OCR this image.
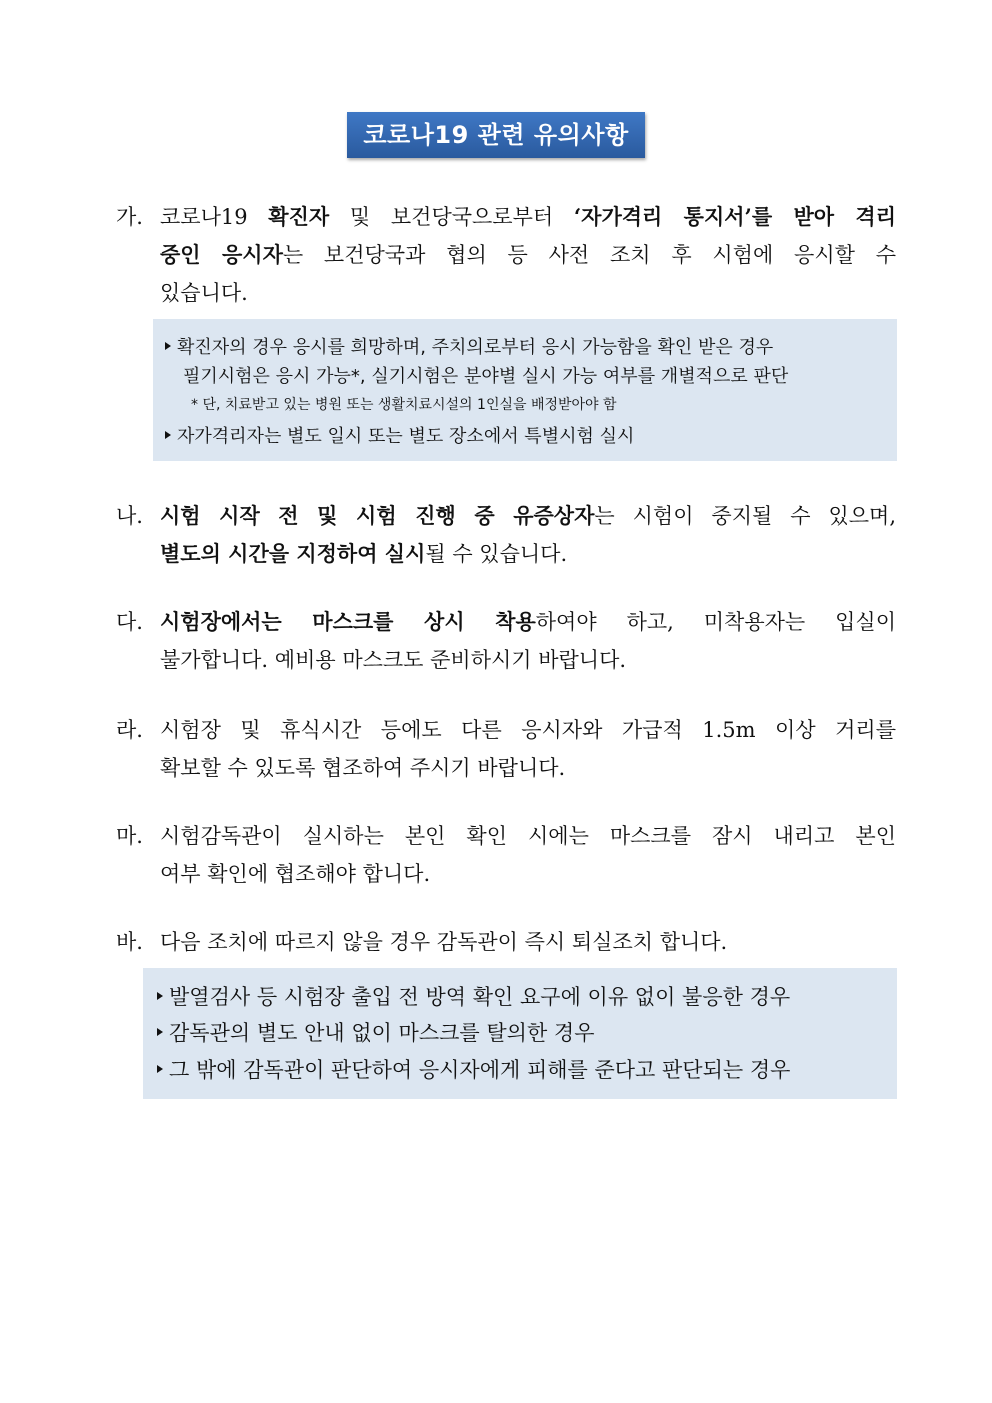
코로나19 관련 유의사항
가. 코로나19 확진자 및 보건당국으로부터 ‘자가격리 통지서’를 받아 격리
중인 응시자는 보건당국과 협의 등 사전 조치 후 시험에 응시할 수
있습니다.
확진자의 경우 응시를 희망하며, 주치의로부터 응시 가능함을 확인 받은 경우
필기시험은 응시 가능*, 실기시험은 분야별 실시 가능 여부를 개별적으로 판단
* 단, 치료받고 있는 병원 또는 생활치료시설의 1인실을 배정받아야 함
자가격리자는 별도 일시 또는 별도 장소에서 특별시험 실시
나. 시험 시작 전 및 시험 진행 중 유증상자는 시험이 중지될 수 있으며,
별도의 시간을 지정하여 실시될 수 있습니다.
다. 시험장에서는 마스크를 상시 착용하여야 하고, 미착용자는 입실이
불가합니다. 예비용 마스크도 준비하시기 바랍니다.
라. 시험장 및 휴식시간 등에도 다른 응시자와 가급적 1.5m 이상 거리를
확보할 수 있도록 협조하여 주시기 바랍니다.
마. 시험감독관이 실시하는 본인 확인 시에는 마스크를 잠시 내리고 본인
여부 확인에 협조해야 합니다.
바. 다음 조치에 따르지 않을 경우 감독관이 즉시 퇴실조치 합니다.
발열검사 등 시험장 출입 전 방역 확인 요구에 이유 없이 불응한 경우
감독관의 별도 안내 없이 마스크를 탈의한 경우
그 밖에 감독관이 판단하여 응시자에게 피해를 준다고 판단되는 경우
